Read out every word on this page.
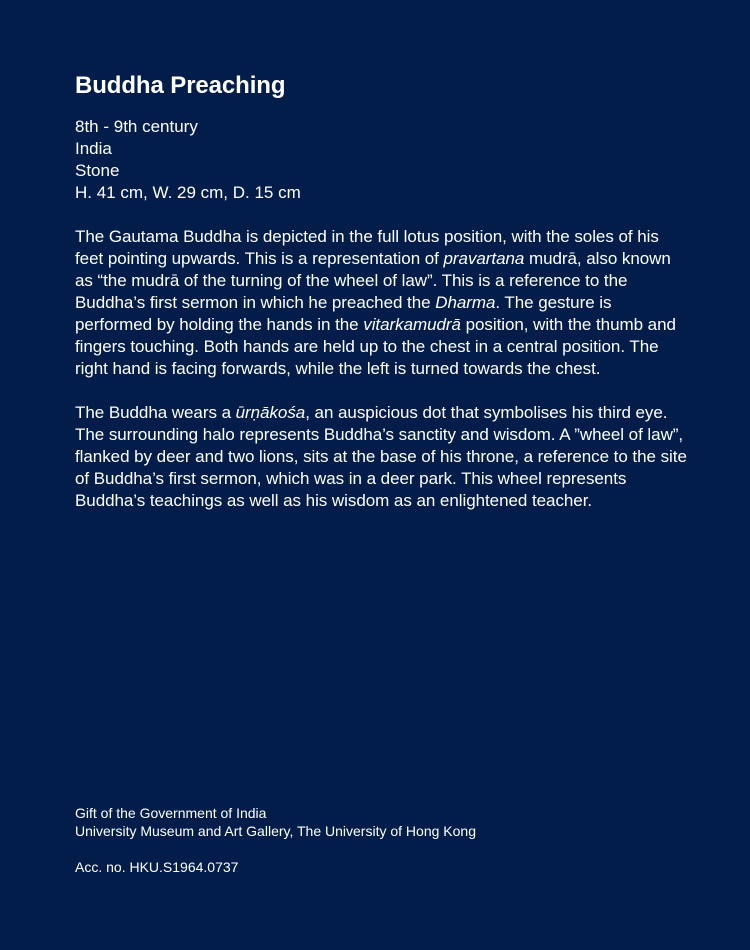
Buddha Preaching
8th - 9th century
India
Stone
H. 41 cm, W. 29 cm, D. 15 cm

The Gautama Buddha is depicted in the full lotus position, with the soles of his feet pointing upwards. This is a representation of pravartana mudrā, also known as “the mudrā of the turning of the wheel of law”. This is a reference to the Buddha’s first sermon in which he preached the Dharma. The gesture is performed by holding the hands in the vitarkamudrā position, with the thumb and fingers touching. Both hands are held up to the chest in a central position. The right hand is facing forwards, while the left is turned towards the chest.

The Buddha wears a ūrṇākośa, an auspicious dot that symbolises his third eye. The surrounding halo represents Buddha’s sanctity and wisdom. A ”wheel of law”, flanked by deer and two lions, sits at the base of his throne, a reference to the site of Buddha’s first sermon, which was in a deer park. This wheel represents Buddha’s teachings as well as his wisdom as an enlightened teacher.

Gift of the Government of India
University Museum and Art Gallery, The University of Hong Kong
Acc. no. HKU.S1964.0737
